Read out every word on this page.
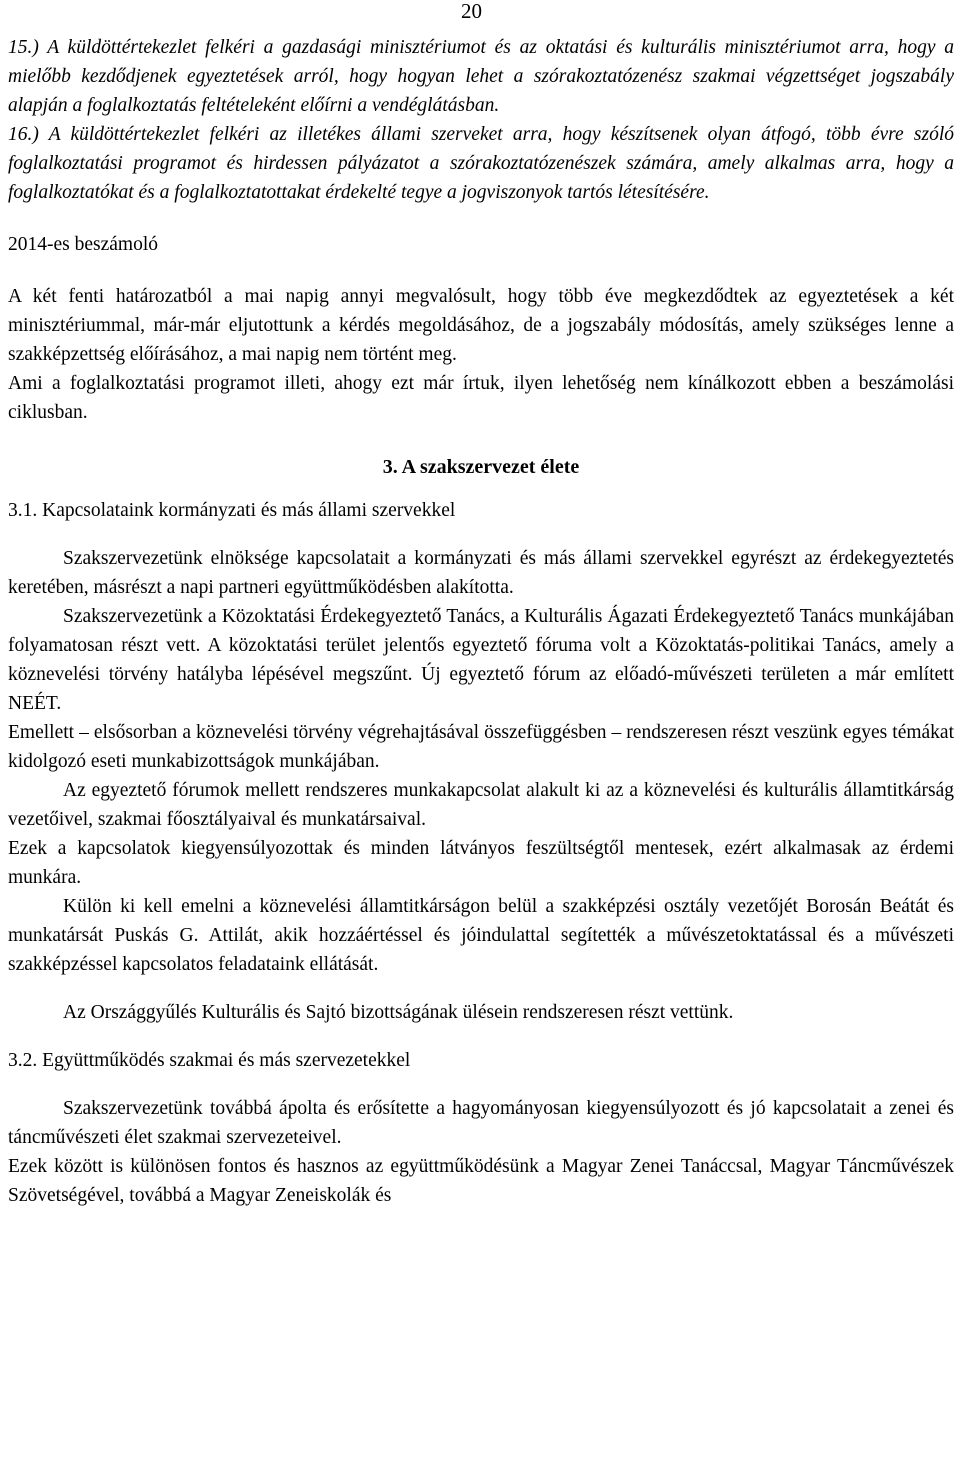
20

15.) A küldöttértekezlet felkéri a gazdasági minisztériumot és az oktatási és kulturális minisztériumot arra, hogy a mielőbb kezdődjenek egyeztetések arról, hogy hogyan lehet a szórakoztatózenész szakmai végzettséget jogszabály alapján a foglalkoztatás feltételeként előírni a vendéglátásban.

16.) A küldöttértekezlet felkéri az illetékes állami szerveket arra, hogy készítsenek olyan átfogó, több évre szóló foglalkoztatási programot és hirdessen pályázatot a szórakoztatózenészek számára, amely alkalmas arra, hogy a foglalkoztatókat és a foglalkoztatottakat érdekelté tegye a jogviszonyok tartós létesítésére.

2014-es beszámoló

A két fenti határozatból a mai napig annyi megvalósult, hogy több éve megkezdődtek az egyeztetések a két minisztériummal, már-már eljutottunk a kérdés megoldásához, de a jogszabály módosítás, amely szükséges lenne a szakképzettség előírásához, a mai napig nem történt meg.

Ami a foglalkoztatási programot illeti, ahogy ezt már írtuk, ilyen lehetőség nem kínálkozott ebben a beszámolási ciklusban.

3. A szakszervezet élete

3.1. Kapcsolataink kormányzati és más állami szervekkel

Szakszervezetünk elnöksége kapcsolatait a kormányzati és más állami szervekkel egyrészt az érdekegyeztetés keretében, másrészt a napi partneri együttműködésben alakította.

Szakszervezetünk a Közoktatási Érdekegyeztető Tanács, a Kulturális Ágazati Érdekegyeztető Tanács munkájában folyamatosan részt vett. A közoktatási terület jelentős egyeztető fóruma volt a Közoktatás-politikai Tanács, amely a köznevelési törvény hatályba lépésével megszűnt. Új egyeztető fórum az előadó-művészeti területen a már említett NEÉT.

Emellett – elsősorban a köznevelési törvény végrehajtásával összefüggésben – rendszeresen részt veszünk egyes témákat kidolgozó eseti munkabizottságok munkájában.

Az egyeztető fórumok mellett rendszeres munkakapcsolat alakult ki az a köznevelési és kulturális államtitkárság vezetőivel, szakmai főosztályaival és munkatársaival.

Ezek a kapcsolatok kiegyensúlyozottak és minden látványos feszültségtől mentesek, ezért alkalmasak az érdemi munkára.

Külön ki kell emelni a köznevelési államtitkárságon belül a szakképzési osztály vezetőjét Borosán Beátát és munkatársát Puskás G. Attilát, akik hozzáértéssel és jóindulattal segítették a művészetoktatással és a művészeti szakképzéssel kapcsolatos feladataink ellátását.

Az Országgyűlés Kulturális és Sajtó bizottságának ülésein rendszeresen részt vettünk.

3.2. Együttműködés szakmai és más szervezetekkel

Szakszervezetünk továbbá ápolta és erősítette a hagyományosan kiegyensúlyozott és jó kapcsolatait a zenei és táncművészeti élet szakmai szervezeteivel.

Ezek között is különösen fontos és hasznos az együttműködésünk a Magyar Zenei Tanáccsal, Magyar Táncművészek Szövetségével, továbbá a Magyar Zeneiskolák és
